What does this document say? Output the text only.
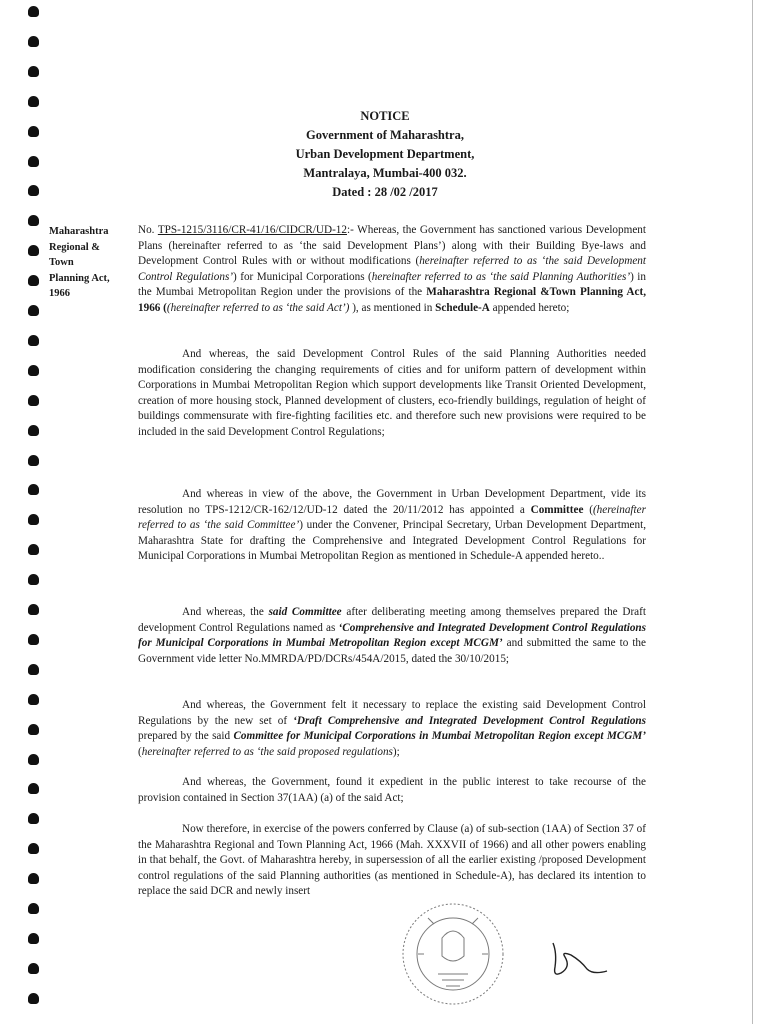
NOTICE
Government of Maharashtra,
Urban Development Department,
Mantralaya, Mumbai-400 032.
Dated : 28 /02 /2017
Maharashtra
Regional &
Town
Planning Act,
1966
No. TPS-1215/3116/CR-41/16/CIDCR/UD-12:- Whereas, the Government has sanctioned various Development Plans (hereinafter referred to as ‘the said Development Plans’) along with their Building Bye-laws and Development Control Rules with or without modifications (hereinafter referred to as ‘the said Development Control Regulations’) for Municipal Corporations (hereinafter referred to as ‘the said Planning Authorities’) in the Mumbai Metropolitan Region under the provisions of the Maharashtra Regional &Town Planning Act, 1966 ((hereinafter referred to as ‘the said Act’) ), as mentioned in Schedule-A appended hereto;
And whereas, the said Development Control Rules of the said Planning Authorities needed modification considering the changing requirements of cities and for uniform pattern of development within Corporations in Mumbai Metropolitan Region which support developments like Transit Oriented Development, creation of more housing stock, Planned development of clusters, eco-friendly buildings, regulation of height of buildings commensurate with fire-fighting facilities etc. and therefore such new provisions were required to be included in the said Development Control Regulations;
And whereas in view of the above, the Government in Urban Development Department, vide its resolution no TPS-1212/CR-162/12/UD-12 dated the 20/11/2012 has appointed a Committee ((hereinafter referred to as ‘the said Committee’) under the Convener, Principal Secretary, Urban Development Department, Maharashtra State for drafting the Comprehensive and Integrated Development Control Regulations for Municipal Corporations in Mumbai Metropolitan Region as mentioned in Schedule-A appended hereto..
And whereas, the said Committee after deliberating meeting among themselves prepared the Draft development Control Regulations named as ‘Comprehensive and Integrated Development Control Regulations for Municipal Corporations in Mumbai Metropolitan Region except MCGM’ and submitted the same to the Government vide letter No.MMRDA/PD/DCRs/454A/2015, dated the 30/10/2015;
And whereas, the Government felt it necessary to replace the existing said Development Control Regulations by the new set of ‘Draft Comprehensive and Integrated Development Control Regulations prepared by the said Committee for Municipal Corporations in Mumbai Metropolitan Region except MCGM’ (hereinafter referred to as ‘the said proposed regulations);
And whereas, the Government, found it expedient in the public interest to take recourse of the provision contained in Section 37(1AA) (a) of the said Act;
Now therefore, in exercise of the powers conferred by Clause (a) of sub-section (1AA) of Section 37 of the Maharashtra Regional and Town Planning Act, 1966 (Mah. XXXVII of 1966) and all other powers enabling in that behalf, the Govt. of Maharashtra hereby, in supersession of all the earlier existing /proposed Development control regulations of the said Planning authorities (as mentioned in Schedule-A), has declared its intention to replace the said DCR and newly insert
